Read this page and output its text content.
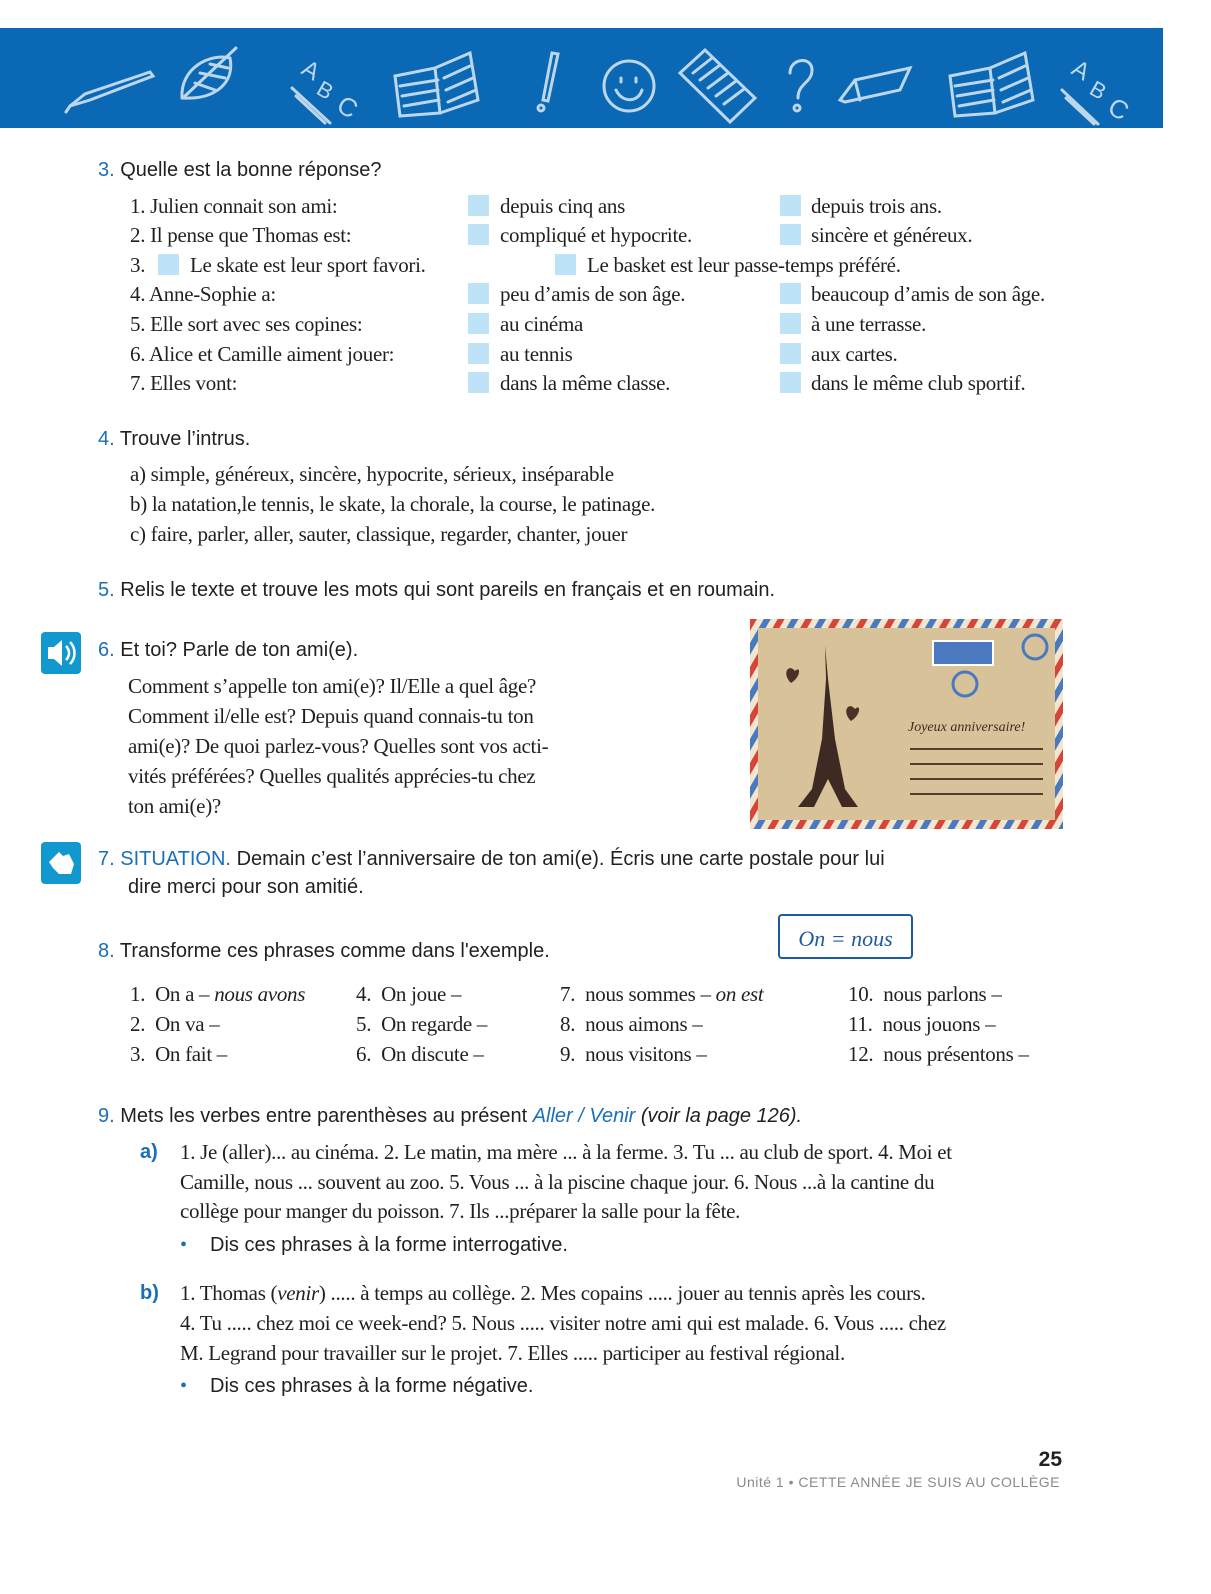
A
B
C
A
B
C
3. Quelle est la bonne réponse?
1. Julien connait son ami:	depuis cinq ans	depuis trois ans.
2. Il pense que Thomas est:	compliqué et hypocrite.	sincère et généreux.
3. Le skate est leur sport favori.	Le basket est leur passe-temps préféré.
4. Anne-Sophie a:	peu d’amis de son âge.	beaucoup d’amis de son âge.
5. Elle sort avec ses copines:	au cinéma	à une terrasse.
6. Alice et Camille aiment jouer:	au tennis	aux cartes.
7. Elles vont:	dans la même classe.	dans le même club sportif.
4. Trouve l’intrus.
a) simple, généreux, sincère, hypocrite, sérieux, inséparable
b) la natation,le tennis, le skate, la chorale, la course, le patinage.
c) faire, parler, aller, sauter, classique, regarder, chanter, jouer
5. Relis le texte et trouve les mots qui sont pareils en français et en roumain.
6. Et toi? Parle de ton ami(e).
Comment s’appelle ton ami(e)? Il/Elle a quel âge?
Comment il/elle est? Depuis quand connais-tu ton
ami(e)? De quoi parlez-vous? Quelles sont vos acti-
vités préférées? Quelles qualités apprécies-tu chez
ton ami(e)?
Joyeux anniversaire!
7. SITUATION. Demain c’est l’anniversaire de ton ami(e). Écris une carte postale pour lui
dire merci pour son amitié.
8. Transforme ces phrases comme dans l'exemple.	On = nous
1. On a – nous avons
2. On va –
3. On fait –
4. On joue –
5. On regarde –
6. On discute –
7. nous sommes – on est
8. nous aimons –
9. nous visitons –
10. nous parlons –
11. nous jouons –
12. nous présentons –
9. Mets les verbes entre parenthèses au présent Aller / Venir (voir la page 126).
a) 1. Je (aller)... au cinéma. 2. Le matin, ma mère ... à la ferme. 3. Tu ... au club de sport. 4. Moi et
Camille, nous ... souvent au zoo. 5. Vous ... à la piscine chaque jour. 6. Nous ...à la cantine du
collège pour manger du poisson. 7. Ils ...préparer la salle pour la fête.
• Dis ces phrases à la forme interrogative.
b) 1. Thomas (venir) ..... à temps au collège. 2. Mes copains ..... jouer au tennis après les cours.
4. Tu ..... chez moi ce week-end? 5. Nous ..... visiter notre ami qui est malade. 6. Vous ..... chez
M. Legrand pour travailler sur le projet. 7. Elles ..... participer au festival régional.
• Dis ces phrases à la forme négative.
25
Unité 1 • CETTE ANNÉE JE SUIS AU COLLÈGE
